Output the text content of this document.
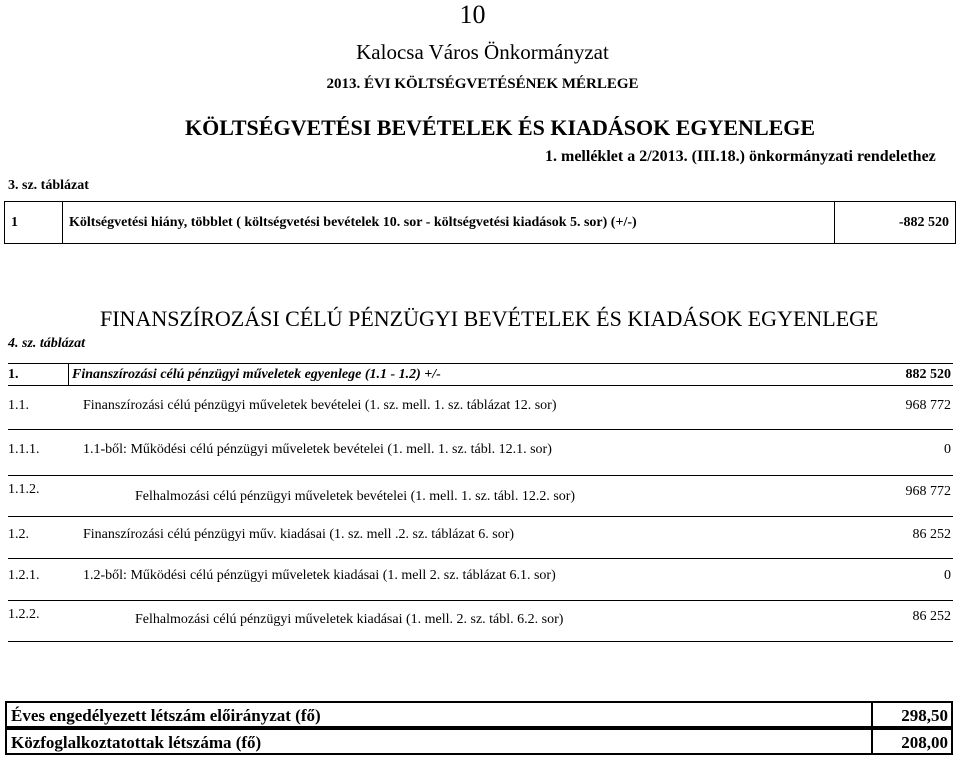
10
Kalocsa Város Önkormányzat
2013. ÉVI KÖLTSÉGVETÉSÉNEK MÉRLEGE
KÖLTSÉGVETÉSI BEVÉTELEK ÉS KIADÁSOK EGYENLEGE
1. melléklet a 2/2013. (III.18.) önkormányzati rendelethez
3. sz. táblázat
1	Költségvetési hiány, többlet ( költségvetési bevételek 10. sor - költségvetési kiadások 5. sor) (+/-)	-882 520
FINANSZÍROZÁSI CÉLÚ PÉNZÜGYI BEVÉTELEK ÉS KIADÁSOK EGYENLEGE
4. sz. táblázat
1.	Finanszírozási célú pénzügyi műveletek egyenlege (1.1 - 1.2) +/-	882 520
1.1.	Finanszírozási célú pénzügyi műveletek bevételei (1. sz. mell. 1. sz. táblázat 12. sor)	968 772
1.1.1.	1.1-ből: Működési célú pénzügyi műveletek bevételei (1. mell. 1. sz. tábl. 12.1. sor)	0
1.1.2.	Felhalmozási célú pénzügyi műveletek bevételei (1. mell. 1. sz. tábl. 12.2. sor)	968 772
1.2.	Finanszírozási célú pénzügyi műv. kiadásai (1. sz. mell .2. sz. táblázat 6. sor)	86 252
1.2.1.	1.2-ből: Működési célú pénzügyi műveletek kiadásai (1. mell 2. sz. táblázat 6.1. sor)	0
1.2.2.	Felhalmozási célú pénzügyi műveletek kiadásai (1. mell. 2. sz. tábl. 6.2. sor)	86 252
Éves engedélyezett létszám előirányzat (fő)	298,50
Közfoglalkoztatottak létszáma (fő)	208,00
